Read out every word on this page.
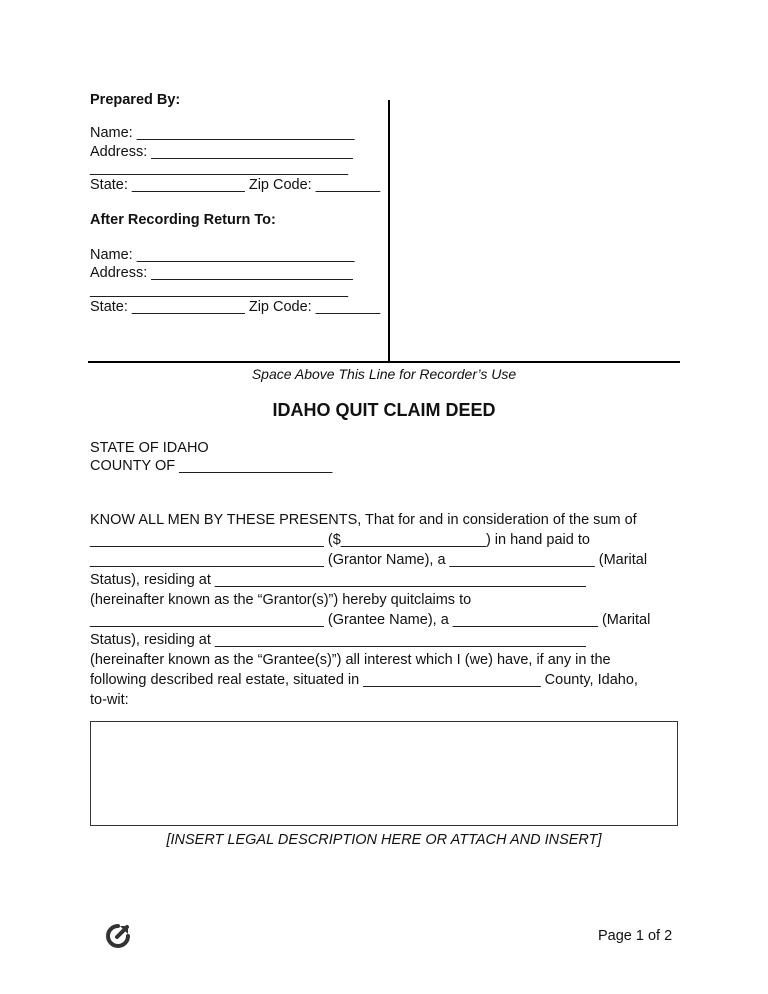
Prepared By:
Name: ___________________________
Address: _________________________
________________________________
State: ______________ Zip Code: ________
After Recording Return To:
Name: ___________________________
Address: _________________________
________________________________
State: ______________ Zip Code: ________
Space Above This Line for Recorder’s Use
IDAHO QUIT CLAIM DEED
STATE OF IDAHO
COUNTY OF ___________________
KNOW ALL MEN BY THESE PRESENTS, That for and in consideration of the sum of
_____________________________ ($__________________) in hand paid to
_____________________________ (Grantor Name), a __________________ (Marital
Status), residing at ______________________________________________
(hereinafter known as the “Grantor(s)”) hereby quitclaims to
_____________________________ (Grantee Name), a __________________ (Marital
Status), residing at ______________________________________________
(hereinafter known as the “Grantee(s)”) all interest which I (we) have, if any in the
following described real estate, situated in ______________________ County, Idaho,
to-wit:
[INSERT LEGAL DESCRIPTION HERE OR ATTACH AND INSERT]
Page 1 of 2
